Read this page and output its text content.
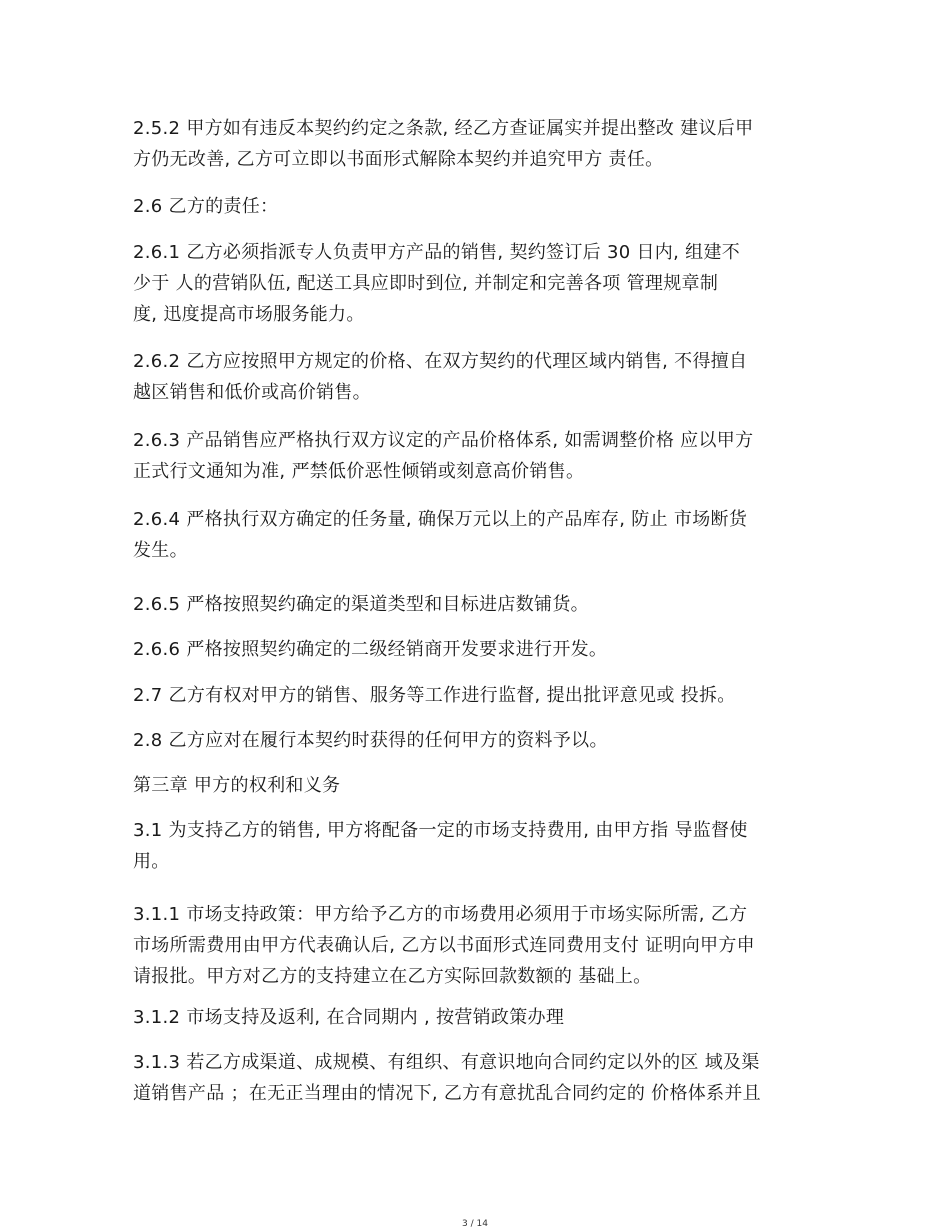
2.5.2 甲方如有违反本契约约定之条款, 经乙方查证属实并提出整改 建议后甲
方仍无改善, 乙方可立即以书面形式解除本契约并追究甲方 责任。

2.6 乙方的责任：

2.6.1 乙方必须指派专人负责甲方产品的销售, 契约签订后 30 日内, 组建不
少于 人的营销队伍, 配送工具应即时到位, 并制定和完善各项 管理规章制
度, 迅度提高市场服务能力。

2.6.2 乙方应按照甲方规定的价格、在双方契约的代理区域内销售, 不得擅自
越区销售和低价或高价销售。

2.6.3 产品销售应严格执行双方议定的产品价格体系, 如需调整价格 应以甲方
正式行文通知为准, 严禁低价恶性倾销或刻意高价销售。

2.6.4 严格执行双方确定的任务量, 确保万元以上的产品库存, 防止 市场断货
发生。

2.6.5 严格按照契约确定的渠道类型和目标进店数铺货。

2.6.6 严格按照契约确定的二级经销商开发要求进行开发。

2.7 乙方有权对甲方的销售、服务等工作进行监督, 提出批评意见或 投拆。

2.8 乙方应对在履行本契约时获得的任何甲方的资料予以。

第三章 甲方的权利和义务

3.1 为支持乙方的销售, 甲方将配备一定的市场支持费用, 由甲方指 导监督使
用。

3.1.1 市场支持政策：甲方给予乙方的市场费用必须用于市场实际所需, 乙方
市场所需费用由甲方代表确认后, 乙方以书面形式连同费用支付 证明向甲方申
请报批。甲方对乙方的支持建立在乙方实际回款数额的 基础上。

3.1.2 市场支持及返利, 在合同期内 , 按营销政策办理

3.1.3 若乙方成渠道、成规模、有组织、有意识地向合同约定以外的区 域及渠
道销售产品 ；在无正当理由的情况下, 乙方有意扰乱合同约定的 价格体系并且

3 / 14
